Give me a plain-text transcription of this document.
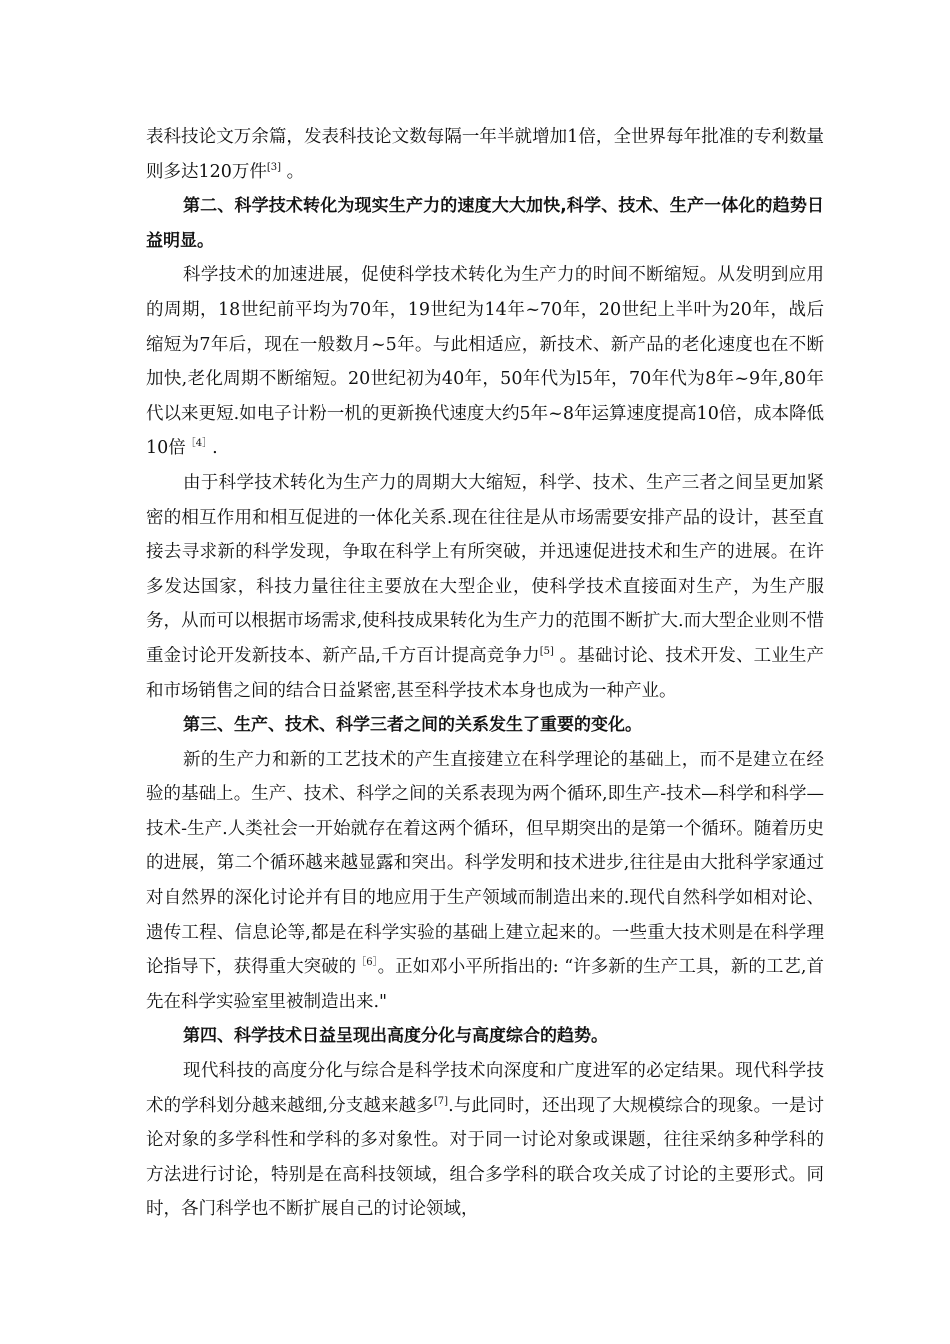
表科技论文万余篇，发表科技论文数每隔一年半就增加1倍，全世界每年批准的专利数量则多达120万件[3] 。

第二、科学技术转化为现实生产力的速度大大加快,科学、技术、生产一体化的趋势日益明显。

科学技术的加速进展，促使科学技术转化为生产力的时间不断缩短。从发明到应用的周期，18世纪前平均为70年，19世纪为14年~70年，20世纪上半叶为20年，战后缩短为7年后，现在一般数月~5年。与此相适应，新技术、新产品的老化速度也在不断加快,老化周期不断缩短。20世纪初为40年，50年代为l5年，70年代为8年~9年,80年代以来更短.如电子计粉一机的更新换代速度大约5年~8年运算速度提高10倍，成本降低10倍$^{[4]}$.

由于科学技术转化为生产力的周期大大缩短，科学、技术、生产三者之间呈更加紧密的相互作用和相互促进的一体化关系.现在往往是从市场需要安排产品的设计，甚至直接去寻求新的科学发现，争取在科学上有所突破，并迅速促进技术和生产的进展。在许多发达国家，科技力量往往主要放在大型企业，使科学技术直接面对生产，为生产服务，从而可以根据市场需求,使科技成果转化为生产力的范围不断扩大.而大型企业则不惜重金讨论开发新技本、新产品,千方百计提高竞争力[5] 。基础讨论、技术开发、工业生产和市场销售之间的结合日益紧密,甚至科学技术本身也成为一种产业。

第三、生产、技术、科学三者之间的关系发生了重要的变化。

新的生产力和新的工艺技术的产生直接建立在科学理论的基础上，而不是建立在经验的基础上。生产、技术、科学之间的关系表现为两个循环,即生产-技术—科学和科学—技术-生产.人类社会一开始就存在着这两个循环，但早期突出的是第一个循环。随着历史的进展，第二个循环越来越显露和突出。科学发明和技术进步,往往是由大批科学家通过对自然界的深化讨论并有目的地应用于生产领域而制造出来的.现代自然科学如相对论、遗传工程、信息论等,都是在科学实验的基础上建立起来的。一些重大技术则是在科学理论指导下，获得重大突破的$^{[6]}$。正如邓小平所指出的: “许多新的生产工具，新的工艺,首先在科学实验室里被制造出来."

第四、科学技术日益呈现出高度分化与高度综合的趋势。

现代科技的高度分化与综合是科学技术向深度和广度进军的必定结果。现代科学技术的学科划分越来越细,分支越来越多[7].与此同时，还出现了大规模综合的现象。一是讨论对象的多学科性和学科的多对象性。对于同一讨论对象或课题，往往采纳多种学科的方法进行讨论，特别是在高科技领域，组合多学科的联合攻关成了讨论的主要形式。同时，各门科学也不断扩展自己的讨论领域，
